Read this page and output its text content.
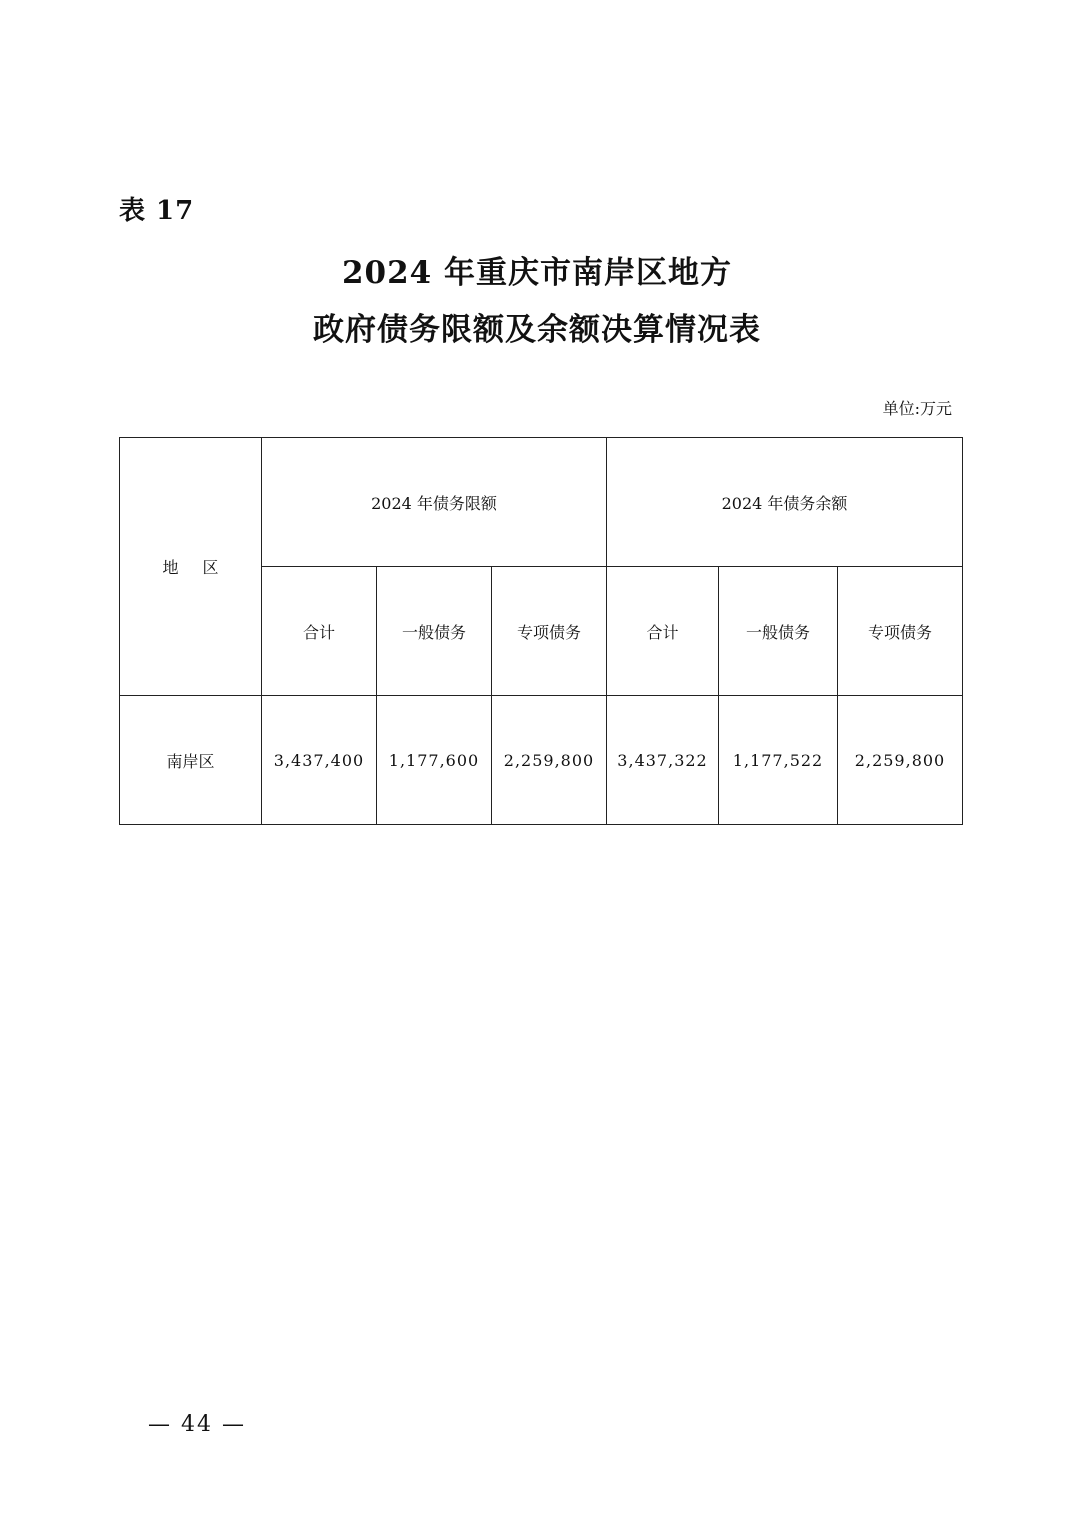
表 17
2024 年重庆市南岸区地方
政府债务限额及余额决算情况表
单位:万元
地区	2024 年债务限额			2024 年债务余额		
	合计	一般债务	专项债务	合计	一般债务	专项债务
南岸区	3,437,400	1,177,600	2,259,800	3,437,322	1,177,522	2,259,800
— 44 —
